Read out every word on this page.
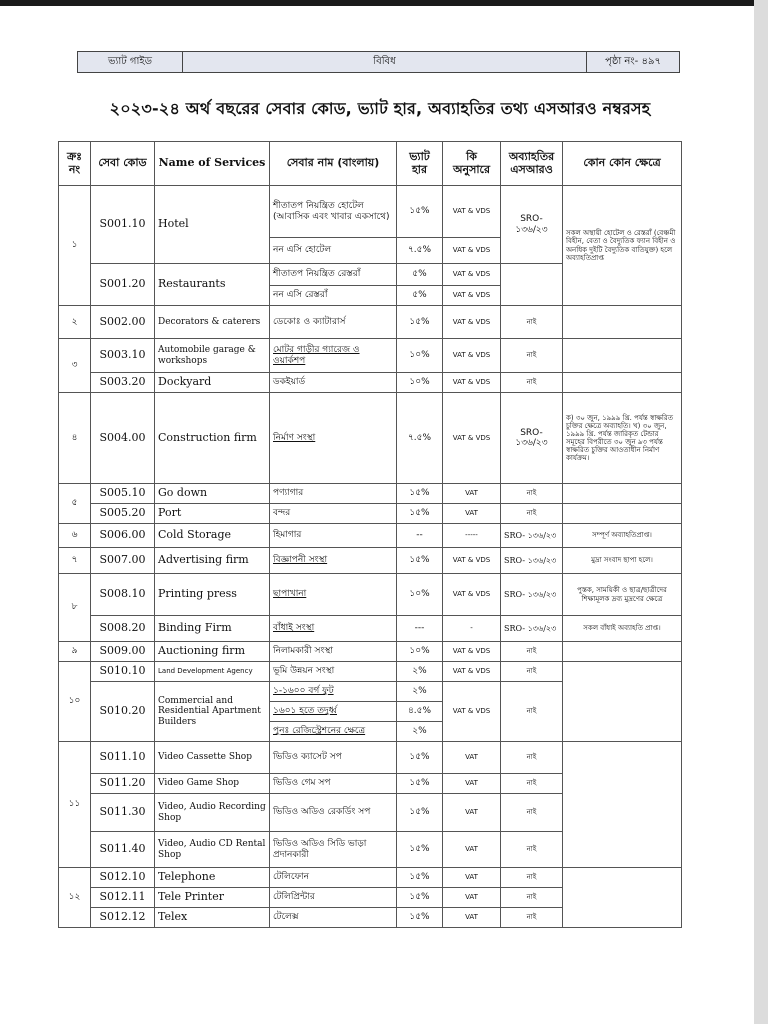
ভ্যাট গাইড	বিবিধ	পৃষ্ঠা নং- ৪৯৭
২০২৩-২৪ অর্থ বছরের সেবার কোড, ভ্যাট হার, অব্যাহতির তথ্য এসআরও নম্বরসহ
ক্রঃ নং	সেবা কোড	Name of Services	সেবার নাম (বাংলায়)	ভ্যাট হার	কি অনুসারে	অব্যাহতির এসআরও	কোন কোন ক্ষেত্রে
১	S001.10	Hotel	শীতাতপ নিয়ন্ত্রিত হোটেল (আবাসিক এবং খাবার একসাথে)	১৫%	VAT & VDS	SRO- ১৩৬/২৩	সকল অস্থায়ী হোটেল ও রেস্তরাঁ (বেঞ্চমী বিহীন, বেতা ও বৈদ্যুতিক ফ্যান বিহীন ও অনধিক দুইটি বৈদ্যুতিক বাতিযুক্ত) হলে অব্যাহতিপ্রাপ্ত
			নন এসি হোটেল	৭.৫%	VAT & VDS		
	S001.20	Restaurants	শীতাতপ নিয়ন্ত্রিত রেস্তরাঁ	৫%	VAT & VDS		
			নন এসি রেস্তরাঁ	৫%	VAT & VDS		
২	S002.00	Decorators & caterers	ডেকোঃ ও ক্যাটারার্স	১৫%	VAT & VDS	নাই	
৩	S003.10	Automobile garage & workshops	মোটর গাড়ীর গ্যারেজ ও ওয়ার্কশপ	১০%	VAT & VDS	নাই	
	S003.20	Dockyard	ডকইয়ার্ড	১০%	VAT & VDS	নাই	
৪	S004.00	Construction firm	নির্মাণ সংস্থা	৭.৫%	VAT & VDS	SRO- ১৩৬/২৩	ক) ৩০ জুন, ১৯৯৯ খ্রি. পর্যন্ত স্বাক্ষরিত চুক্তির ক্ষেত্রে অব্যাহতি। খ) ৩০ জুন, ১৯৯৯ খ্রি. পর্যন্ত জারিকৃত টেন্ডার সমূহের বিপরীতে ৩০ জুন ৯৩ পর্যন্ত স্বাক্ষরিত চুক্তির আওতাধীন নির্মাণ কার্যক্রম।
৫	S005.10	Go down	পণ্যাগার	১৫%	VAT	নাই	
	S005.20	Port	বন্দর	১৫%	VAT	নাই	
৬	S006.00	Cold Storage	হিমাগার	--	-----	SRO- ১৩৬/২৩	সম্পূর্ণ অব্যাহতিপ্রাপ্ত।
৭	S007.00	Advertising firm	বিজ্ঞাপনী সংস্থা	১৫%	VAT & VDS	SRO- ১৩৬/২৩	মুদ্রা সংবাদ ছাপা হলে।
৮	S008.10	Printing press	ছাপাখানা	১০%	VAT & VDS	SRO- ১৩৬/২৩	পুস্তক, সাময়িকী ও ছাত্র/ছাত্রীদের শিক্ষামূলক দ্রব্য মুদ্রণের ক্ষেত্রে
	S008.20	Binding Firm	বাঁধাই সংস্থা	---	-	SRO- ১৩৬/২৩	সকল বাঁধাই অব্যাহতি প্রাপ্ত।
৯	S009.00	Auctioning firm	নিলামকারী সংস্থা	১০%	VAT & VDS	নাই	
১০	S010.10	Land Development Agency	ভূমি উন্নয়ন সংস্থা	২%	VAT & VDS	নাই	
	S010.20	Commercial and Residential Apartment Builders	১-১৬০০ বর্গ ফুট	২%	VAT & VDS	নাই	
			১৬০১ হতে তদুর্ধ্ব	৪.৫%			
			পুনঃ রেজিস্ট্রেশনের ক্ষেত্রে	২%			
১১	S011.10	Video Cassette Shop	ভিডিও ক্যাসেট সপ	১৫%	VAT	নাই	
	S011.20	Video Game Shop	ভিডিও গেম সপ	১৫%	VAT	নাই	
	S011.30	Video, Audio Recording Shop	ভিডিও অডিও রেকর্ডিং সপ	১৫%	VAT	নাই	
	S011.40	Video, Audio CD Rental Shop	ভিডিও অডিও সিডি ভাড়া প্রদানকারী	১৫%	VAT	নাই	
১২	S012.10	Telephone	টেলিফোন	১৫%	VAT	নাই	
	S012.11	Tele Printer	টেলিপ্রিন্টার	১৫%	VAT	নাই	
	S012.12	Telex	টেলেক্স	১৫%	VAT	নাই	
